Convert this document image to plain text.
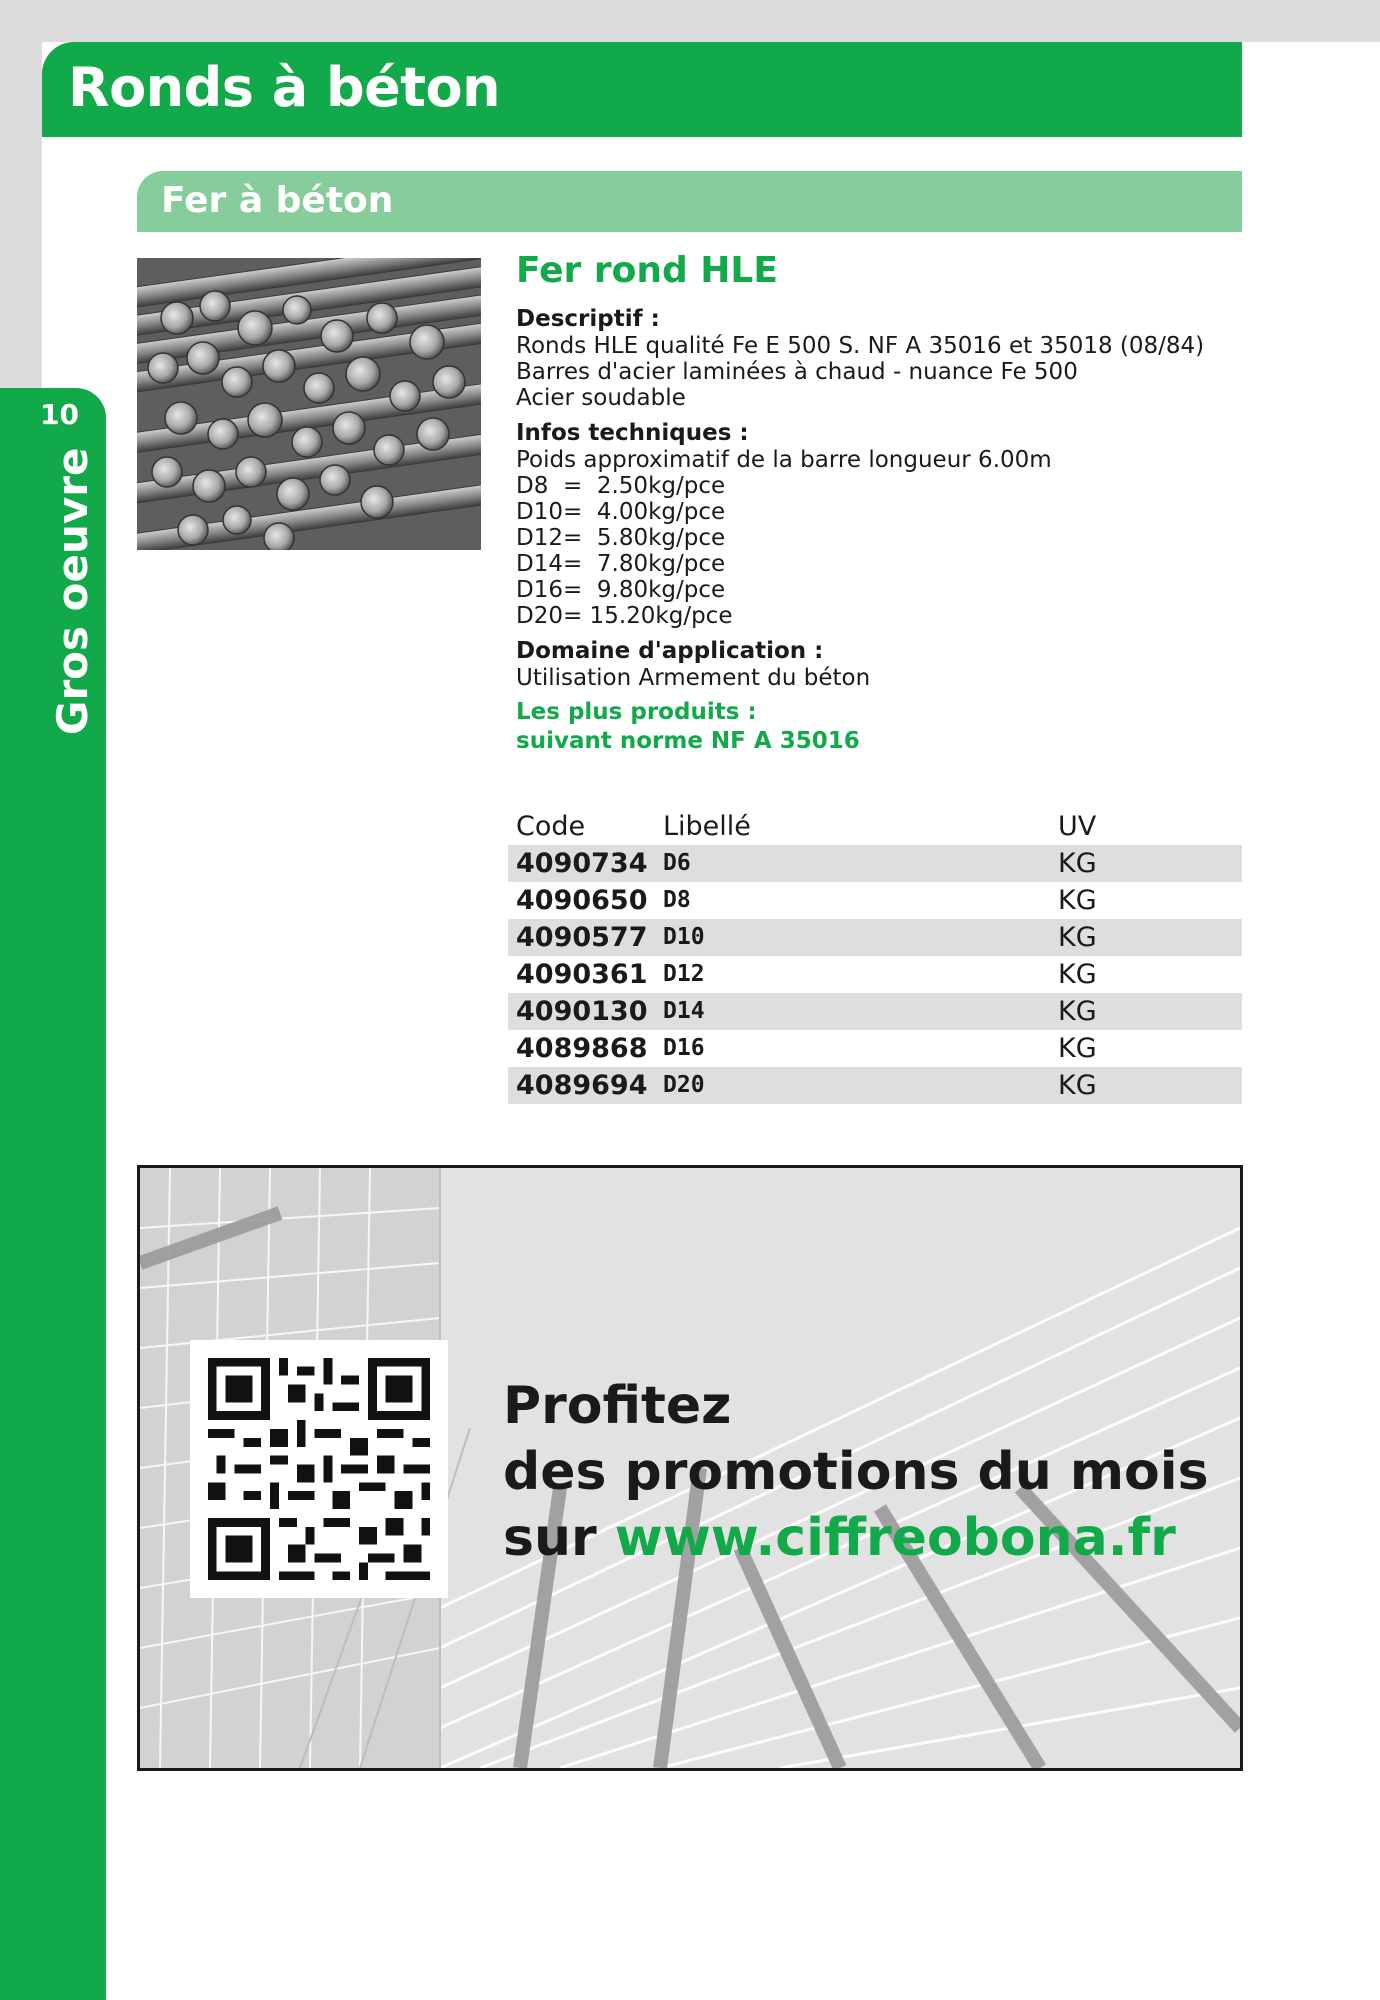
Ronds à béton
10
Gros oeuvre
Fer à béton
Fer rond HLE
Descriptif :
Ronds HLE qualité Fe E 500 S. NF A 35016 et 35018 (08/84)
Barres d'acier laminées à chaud - nuance Fe 500
Acier soudable
Infos techniques :
Poids approximatif de la barre longueur 6.00m
D8  =  2.50kg/pce
D10=  4.00kg/pce
D12=  5.80kg/pce
D14=  7.80kg/pce
D16=  9.80kg/pce
D20= 15.20kg/pce
Domaine d'application :
Utilisation Armement du béton
Les plus produits :
suivant norme NF A 35016
Code	Libellé	UV
4090734 D6	KG
4090650 D8	KG
4090577 D10	KG
4090361 D12	KG
4090130 D14	KG
4089868 D16	KG
4089694 D20	KG
Profitez
des promotions du mois
sur www.ciffreobona.fr
